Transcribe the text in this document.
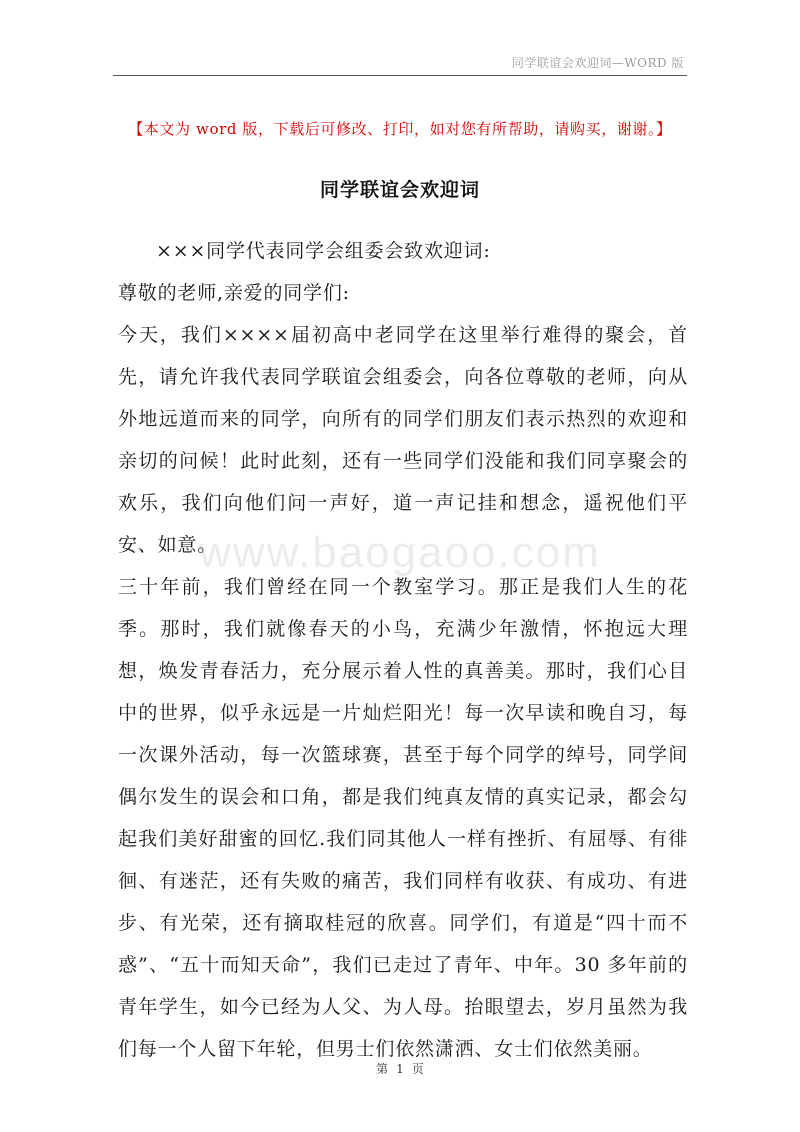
同学联谊会欢迎词—WORD 版
【本文为 word 版，下载后可修改、打印，如对您有所帮助，请购买，谢谢。】
同学联谊会欢迎词
www.baogaoo.com

×××同学代表同学会组委会致欢迎词:

尊敬的老师,亲爱的同学们:

今天，我们××××届初高中老同学在这里举行难得的聚会，首先，请允许我代表同学联谊会组委会，向各位尊敬的老师，向从外地远道而来的同学，向所有的同学们朋友们表示热烈的欢迎和亲切的问候！此时此刻，还有一些同学们没能和我们同享聚会的欢乐，我们向他们问一声好，道一声记挂和想念，遥祝他们平安、如意。

三十年前，我们曾经在同一个教室学习。那正是我们人生的花季。那时，我们就像春天的小鸟，充满少年激情，怀抱远大理想，焕发青春活力，充分展示着人性的真善美。那时，我们心目中的世界，似乎永远是一片灿烂阳光！每一次早读和晚自习，每一次课外活动，每一次篮球赛，甚至于每个同学的绰号，同学间偶尔发生的误会和口角，都是我们纯真友情的真实记录，都会勾起我们美好甜蜜的回忆.我们同其他人一样有挫折、有屈辱、有徘徊、有迷茫，还有失败的痛苦，我们同样有收获、有成功、有进步、有光荣，还有摘取桂冠的欣喜。同学们，有道是“四十而不惑”、“五十而知天命”，我们已走过了青年、中年。30 多年前的青年学生，如今已经为人父、为人母。抬眼望去，岁月虽然为我们每一个人留下年轮，但男士们依然潇洒、女士们依然美丽。

第 1 页
